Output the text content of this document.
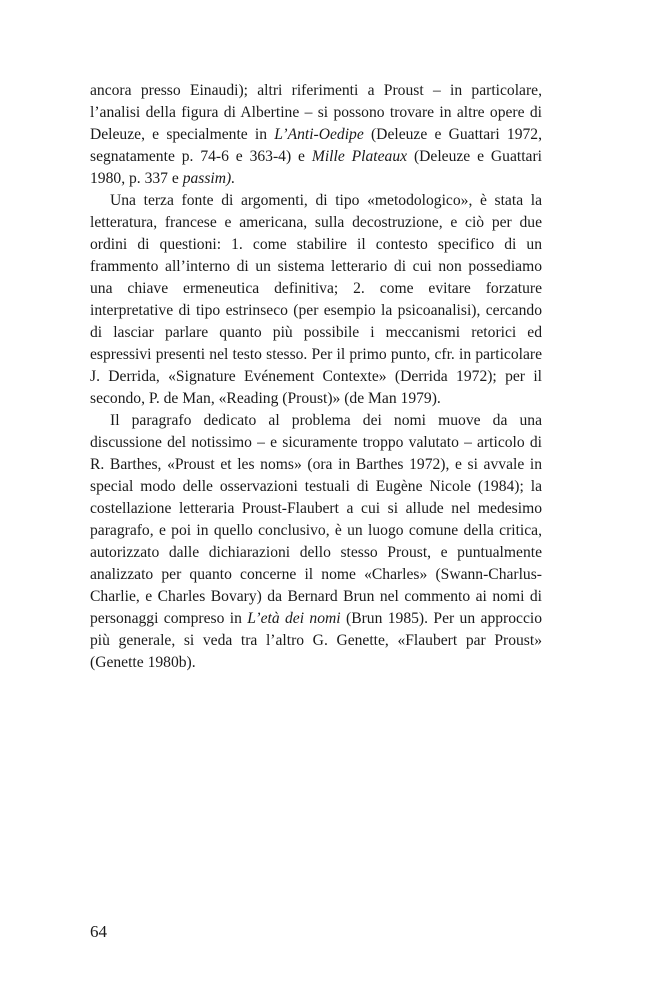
ancora presso Einaudi); altri riferimenti a Proust – in particolare, l’analisi della figura di Albertine – si possono trovare in altre opere di Deleuze, e specialmente in L’Anti-Oedipe (Deleuze e Guattari 1972, segnatamente p. 74-6 e 363-4) e Mille Plateaux (Deleuze e Guattari 1980, p. 337 e passim).

Una terza fonte di argomenti, di tipo «metodologico», è stata la letteratura, francese e americana, sulla decostruzione, e ciò per due ordini di questioni: 1. come stabilire il contesto specifico di un frammento all’interno di un sistema letterario di cui non possediamo una chiave ermeneutica definitiva; 2. come evitare forzature interpretative di tipo estrinseco (per esempio la psicoanalisi), cercando di lasciar parlare quanto più possibile i meccanismi retorici ed espressivi presenti nel testo stesso. Per il primo punto, cfr. in particolare J. Derrida, «Signature Evénement Contexte» (Derrida 1972); per il secondo, P. de Man, «Reading (Proust)» (de Man 1979).

Il paragrafo dedicato al problema dei nomi muove da una discussione del notissimo – e sicuramente troppo valutato – articolo di R. Barthes, «Proust et les noms» (ora in Barthes 1972), e si avvale in special modo delle osservazioni testuali di Eugène Nicole (1984); la costellazione letteraria Proust-Flaubert a cui si allude nel medesimo paragrafo, e poi in quello conclusivo, è un luogo comune della critica, autorizzato dalle dichiarazioni dello stesso Proust, e puntualmente analizzato per quanto concerne il nome «Charles» (Swann-Charlus-Charlie, e Charles Bovary) da Bernard Brun nel commento ai nomi di personaggi compreso in L’età dei nomi (Brun 1985). Per un approccio più generale, si veda tra l’altro G. Genette, «Flaubert par Proust» (Genette 1980b).

64
